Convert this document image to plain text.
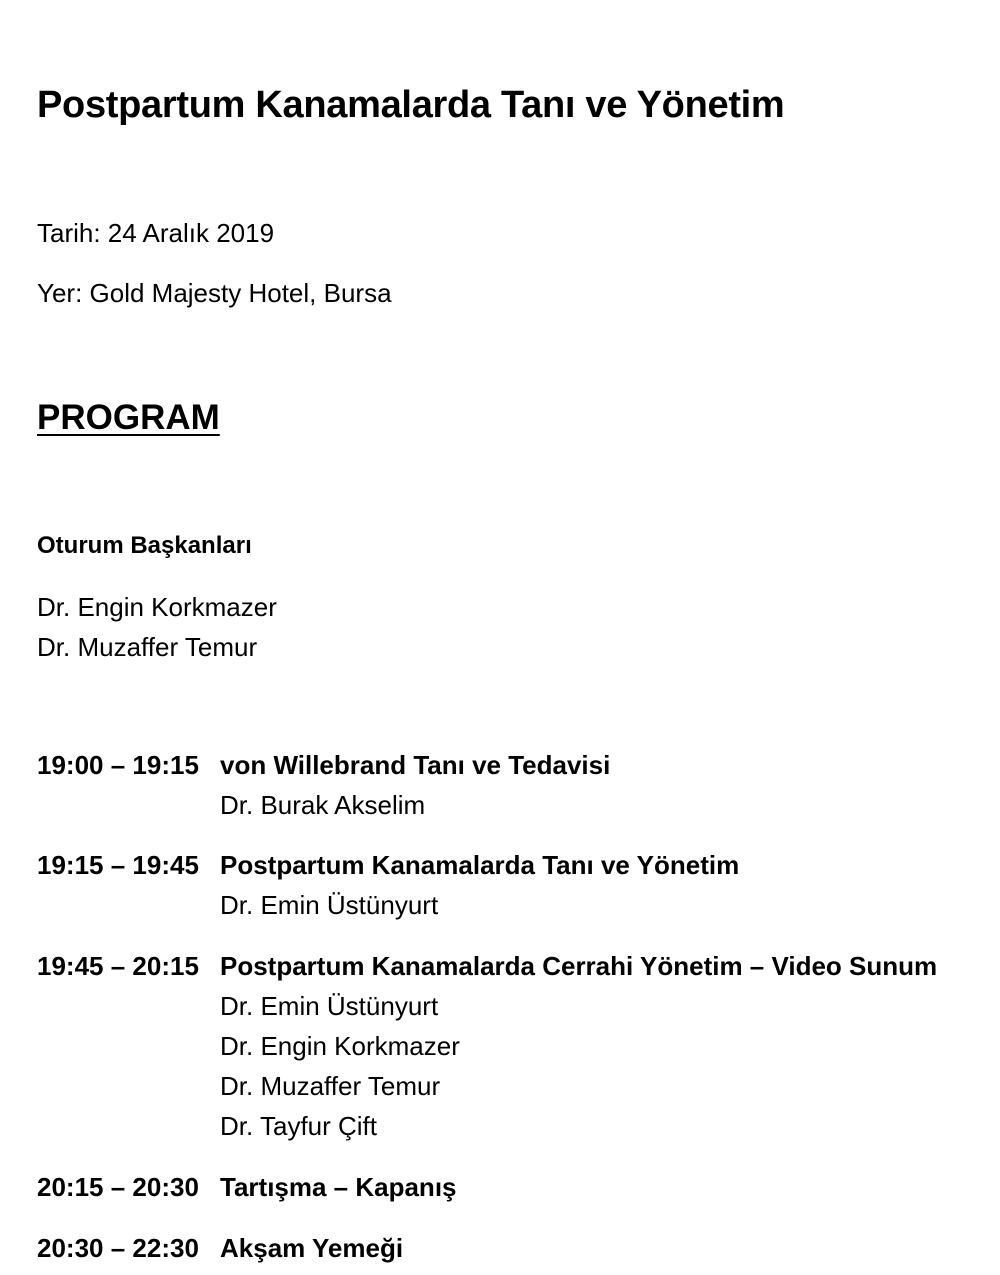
Postpartum Kanamalarda Tanı ve Yönetim
Tarih: 24 Aralık 2019
Yer: Gold Majesty Hotel, Bursa
PROGRAM
Oturum Başkanları
Dr. Engin Korkmazer
Dr. Muzaffer Temur
19:00 – 19:15 von Willebrand Tanı ve Tedavisi
Dr. Burak Akselim
19:15 – 19:45 Postpartum Kanamalarda Tanı ve Yönetim
Dr. Emin Üstünyurt
19:45 – 20:15 Postpartum Kanamalarda Cerrahi Yönetim – Video Sunum
Dr. Emin Üstünyurt
Dr. Engin Korkmazer
Dr. Muzaffer Temur
Dr. Tayfur Çift
20:15 – 20:30 Tartışma – Kapanış
20:30 – 22:30 Akşam Yemeği
